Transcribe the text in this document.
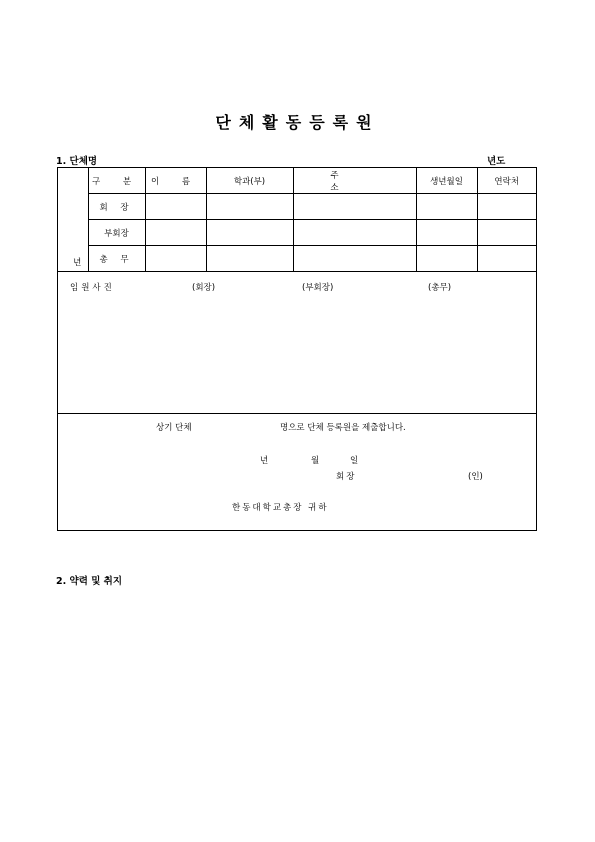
단체활동등록원
1. 단체명	년도
년	구 분	이 름	학과(부)	주 소	생년월일	연락처
	회 장					
	부회장					
	총 무					
임원사진	(회장)	(부회장)	(총무)
상기 단체	명으로 단체 등록원을 제출합니다.
년	월	일
회장	(인)
한동대학교총장 귀하
2. 약력 및 취지
